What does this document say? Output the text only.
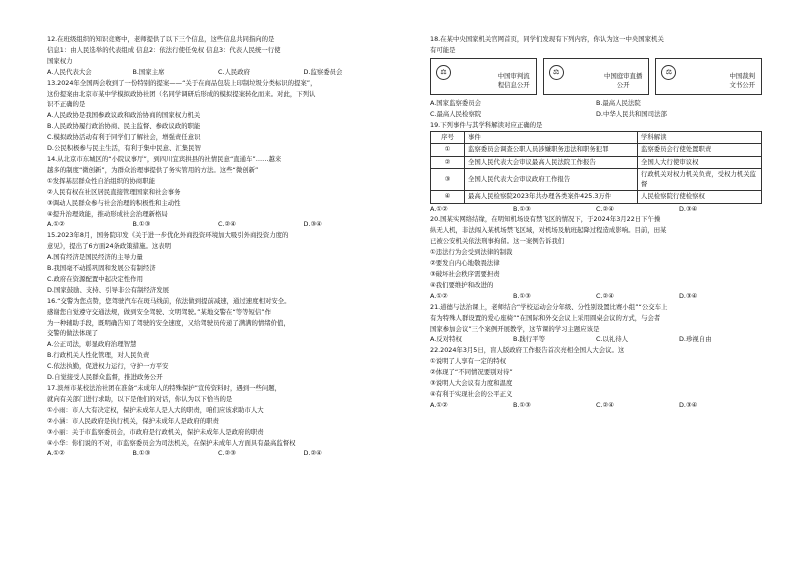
12.在班级组织的知识竞赛中，老师提供了以下三个信息，这些信息共同指向的是
信息1：由人民选举的代表组成 信息2：依法行使任免权 信息3：代表人民统一行使
国家权力
A.人民代表大会	B.国家主席	C.人民政府	D.监察委员会
13.2024年全国两会收到了一份特别的提案——“关于在商品包装上印制垃圾分类标识的提案”，
这份提案由北京市某中学模拟政协社团（名同学调研后形成的模拟提案转化而来。对此，下列认
识不正确的是
A.人民政协是我国参政议政和政治协商的国家权力机关
B.人民政协履行政治协商、民主监督、参政议政的职能
C.模拟政协活动有利于同学们了解社会，增强责任意识
D.公民积极参与民主生活，有利于集中民意、汇集民智
14.从北京市东城区的“小院议事厅”，到四川宜宾拱县的社情民意“直通车”……越来
越多的制度“微创新”，为群众治理事提供了务实管用的方法。这些“微创新”
①发挥基层群众性自治组织的协商职能
②人民有权在社区居民直接管理国家和社会事务
③调动人民群众参与社会治理的积极性和主动性
④提升治理效能，推动形成社会治理新格局
A.①②	B.①③	C.②④	D.③④
15.2023年8月，国务院印发《关于进一步优化外商投资环境加大吸引外商投资力度的
意见》，提出了6方面24条政策措施。这表明
A.国有经济是国民经济的主导力量
B.我国毫不动摇巩固和发展公有制经济
C.政府在资源配置中起决定性作用
D.国家鼓励、支持、引导非公有制经济发展
16.“交警为您点赞，您驾驶汽车在斑马线前，依法做到提前减速，通过速度相对安全。
感谢您自觉遵守交通法规，做到安全驾驶、文明驾驶。”某地交警在“等等短信”作
为一种辅助手段，既明确告知了驾驶的安全速度，又给驾驶员传递了满满的情绪价值，
交警的做法体现了
A.公正司法，彰显政府治理智慧
B.行政机关人性化管理，对人民负责
C.依法执勤，促进权力运行，守护一方平安
D.自觉接受人民群众监督，推进政务公开
17.滨州市某校法治社团在准备“未成年人的特殊保护”宣传资料时，遇到一些问题，
就向有关部门进行求助，以下是他们的对话，你认为以下恰当的是
①小雨：市人大有决定权，保护未成年人是人大的职责，咱们应该求助市人大
②小涵：市人民政府是执行机关，保护未成年人是政府的职责
③小丽：关于市监察委员会，市政府是行政机关，保护未成年人是政府的职责
④小华：你们说的不对，市监察委员会为司法机关，在保护未成年人方面具有最高监督权
A.①②	B.①③	C.②③	D.②④
18.在某中央国家机关官网首页，同学们发现有下列内容，你认为这一中央国家机关
有可能是
⚖	中国审判流
程信息公开
⚖	中国庭审直播
公开
⚖	中国裁判
文书公开
A.国家监察委员会	B.最高人民法院
C.最高人民检察院	D.中华人民共和国司法部
19.下列事件与其学科解读对应正确的是
序号	事件	学科解读
①	监察委员会调查公职人员涉嫌职务违法和职务犯罪	监察委员会行使处置职责
②	全国人民代表大会审议最高人民法院工作报告	全国人大行使审议权
③	全国人民代表大会审议政府工作报告	行政机关对权力机关负责，受权力机关监督
④	最高人民检察院2023年共办理各类案件425.3万件	人民检察院行使检察权
A.①②	B.①③	C.②④	D.③④
20.国某实网络结缘，在明知机场设有禁飞区的情况下，于2024年3月22日下午操
纵无人机，非法闯入某机场禁飞区域，对机场及航班起降过程造成影响。目前，田某
已被公安机关依法刑事拘留。这一案例告诉我们
①违法行为会受到法律的制裁
②要发自内心地敬畏法律
③破坏社会秩序需要担责
④我们要维护和改进的
A.①②	B.①③	C.②④	D.③④
21.道德与法治课上，老师结合“学校运动会分年级、分性别设置比赛小组”“公交车上
有为特殊人群设置的爱心座椅”“在国际和外交会议上采用圆桌会议的方式，与会者
国家参加会议”三个案例开展教学，这节课的学习主题应该是
A.反对特权	B.践行平等	C.以礼待人	D.珍视自由
22.2024年3月5日，盲人版政府工作报告首次亮相全国人大会议。这
①说明了人享有一定的特权
②体现了“不同情况要别对待”
③说明人大会议有力度和温度
④有利于实现社会的公平正义
A.①②	B.①③	C.②④	D.③④
